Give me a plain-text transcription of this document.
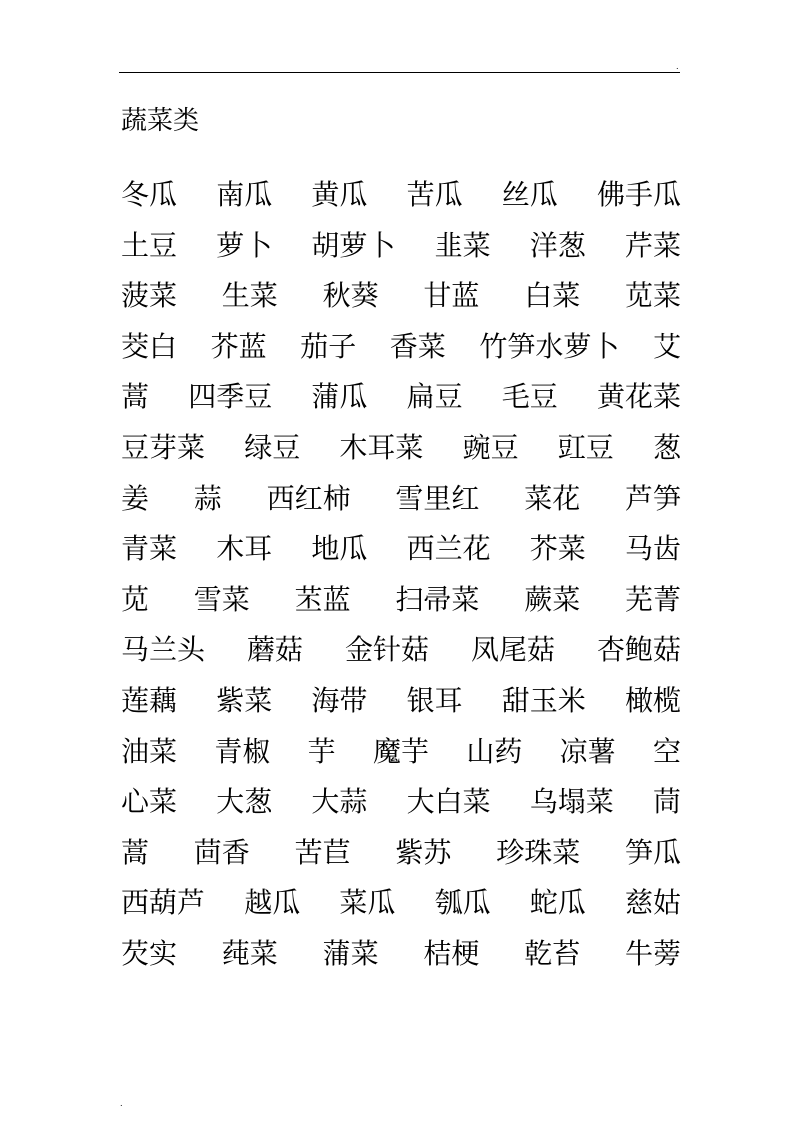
.
蔬菜类
冬瓜 南瓜 黄瓜 苦瓜 丝瓜 佛手瓜
土豆 萝卜 胡萝卜 韭菜 洋葱 芹菜
菠菜 生菜 秋葵 甘蓝 白菜 苋菜
茭白 芥蓝 茄子 香菜 竹笋水萝卜 艾
蒿 四季豆 蒲瓜 扁豆 毛豆 黄花菜
豆芽菜 绿豆 木耳菜 豌豆 豇豆 葱
姜 蒜 西红柿 雪里红 菜花 芦笋
青菜 木耳 地瓜 西兰花 芥菜 马齿
苋 雪菜 苤蓝 扫帚菜 蕨菜 芜菁
马兰头 蘑菇 金针菇 凤尾菇 杏鲍菇
莲藕 紫菜 海带 银耳 甜玉米 橄榄
油菜 青椒 芋 魔芋 山药 凉薯 空
心菜 大葱 大蒜 大白菜 乌塌菜 茼
蒿 茴香 苦苣 紫苏 珍珠菜 笋瓜
西葫芦 越瓜 菜瓜 瓠瓜 蛇瓜 慈姑
芡实 莼菜 蒲菜 桔梗 乾苔 牛蒡
.
